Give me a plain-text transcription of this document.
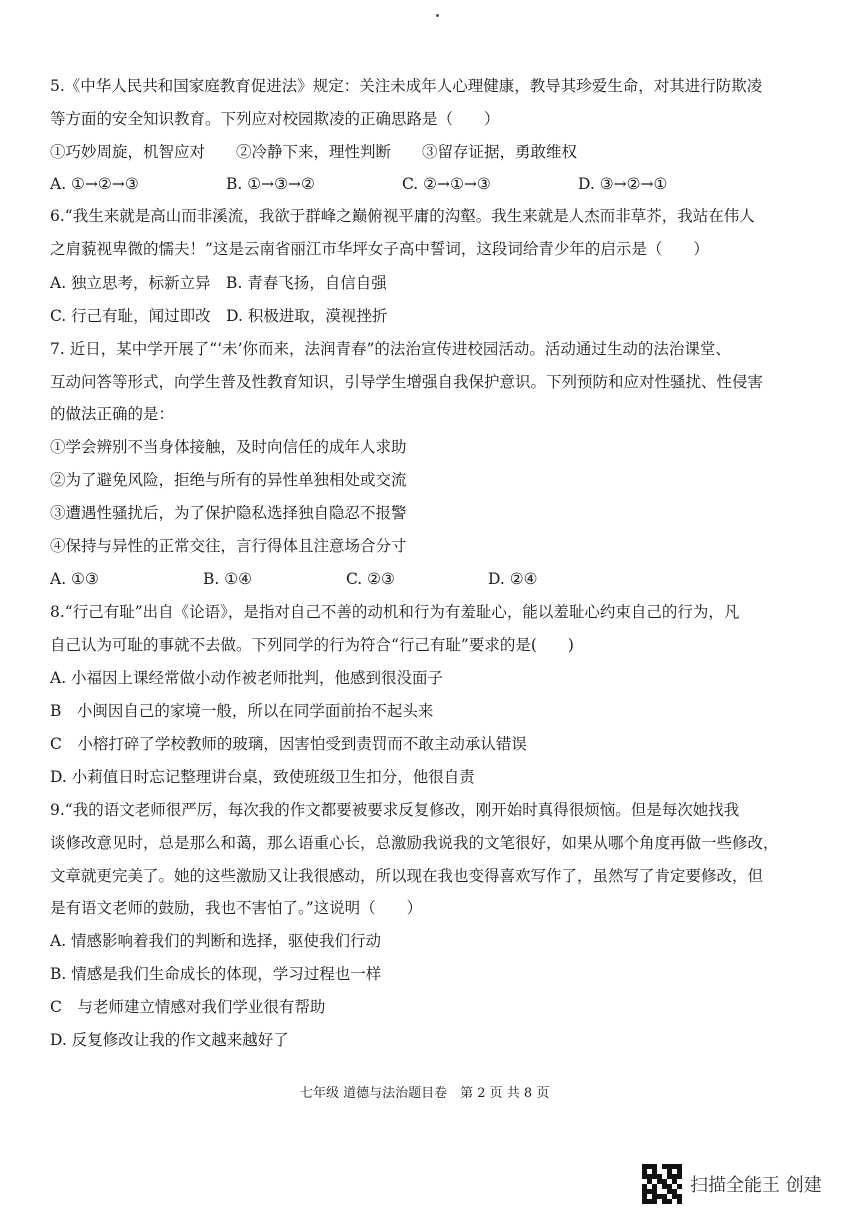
5.《中华人民共和国家庭教育促进法》规定：关注未成年人心理健康，教导其珍爱生命，对其进行防欺凌
等方面的安全知识教育。下列应对校园欺凌的正确思路是（　　）
①巧妙周旋，机智应对　　②冷静下来，理性判断　　③留存证据，勇敢维权
A. ①→②→③	B. ①→③→②	C. ②→①→③	D. ③→②→①
6.“我生来就是高山而非溪流，我欲于群峰之巅俯视平庸的沟壑。我生来就是人杰而非草芥，我站在伟人
之肩藐视卑微的懦夫！”这是云南省丽江市华坪女子高中誓词，这段词给青少年的启示是（　　）
A. 独立思考，标新立异　B. 青春飞扬，自信自强
C. 行己有耻，闻过即改　D. 积极进取，漠视挫折
7. 近日，某中学开展了“‘未’你而来，法润青春”的法治宣传进校园活动。活动通过生动的法治课堂、
互动问答等形式，向学生普及性教育知识，引导学生增强自我保护意识。下列预防和应对性骚扰、性侵害
的做法正确的是：
①学会辨别不当身体接触，及时向信任的成年人求助
②为了避免风险，拒绝与所有的异性单独相处或交流
③遭遇性骚扰后，为了保护隐私选择独自隐忍不报警
④保持与异性的正常交往，言行得体且注意场合分寸
A. ①③	B. ①④	C. ②③	D. ②④
8.“行己有耻”出自《论语》，是指对自己不善的动机和行为有羞耻心，能以羞耻心约束自己的行为，凡
自己认为可耻的事就不去做。下列同学的行为符合“行己有耻”要求的是(　　)
A. 小福因上课经常做小动作被老师批判，他感到很没面子
B　小闽因自己的家境一般，所以在同学面前抬不起头来
C　小榕打碎了学校教师的玻璃，因害怕受到责罚而不敢主动承认错误
D. 小莉值日时忘记整理讲台桌，致使班级卫生扣分，他很自责
9.“我的语文老师很严厉，每次我的作文都要被要求反复修改，刚开始时真得很烦恼。但是每次她找我
谈修改意见时，总是那么和蔼，那么语重心长，总激励我说我的文笔很好，如果从哪个角度再做一些修改，
文章就更完美了。她的这些激励又让我很感动，所以现在我也变得喜欢写作了，虽然写了肯定要修改，但
是有语文老师的鼓励，我也不害怕了。”这说明（　　）
A. 情感影响着我们的判断和选择，驱使我们行动
B. 情感是我们生命成长的体现，学习过程也一样
C　与老师建立情感对我们学业很有帮助
D. 反复修改让我的作文越来越好了
七年级 道德与法治题目卷　第 2 页 共 8 页
扫描全能王 创建
